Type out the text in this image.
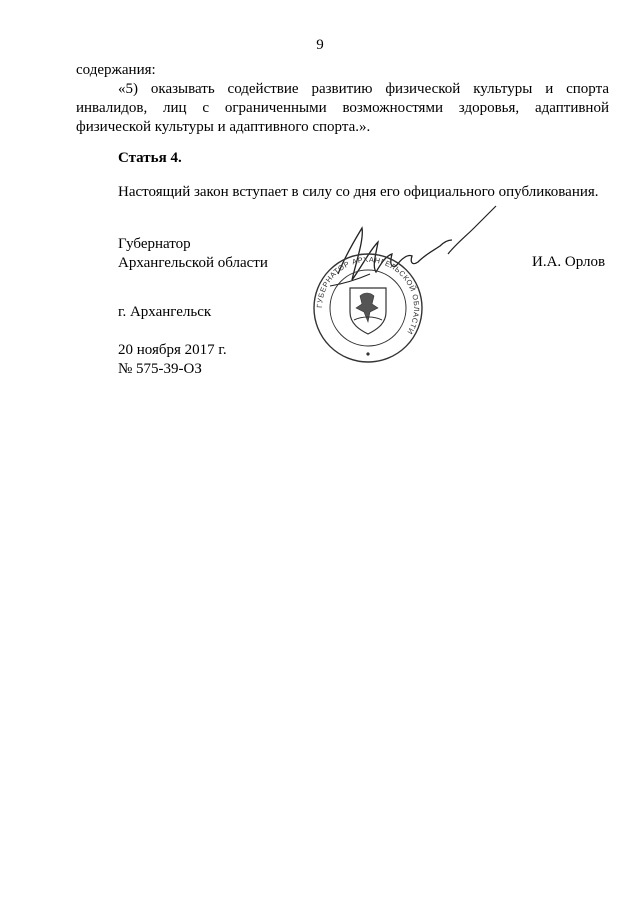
9
содержания:
«5) оказывать содействие развитию физической культуры и спорта
инвалидов, лиц с ограниченными возможностями здоровья, адаптивной
физической культуры и адаптивного спорта.».
Статья 4.
Настоящий закон вступает в силу со дня его официального опубликования.
ГУБЕРНАТОР АРХАНГЕЛЬСКОЙ ОБЛАСТИ
Губернатор
Архангельской области	И.А. Орлов
г. Архангельск
20 ноября 2017 г.
№ 575-39-ОЗ
